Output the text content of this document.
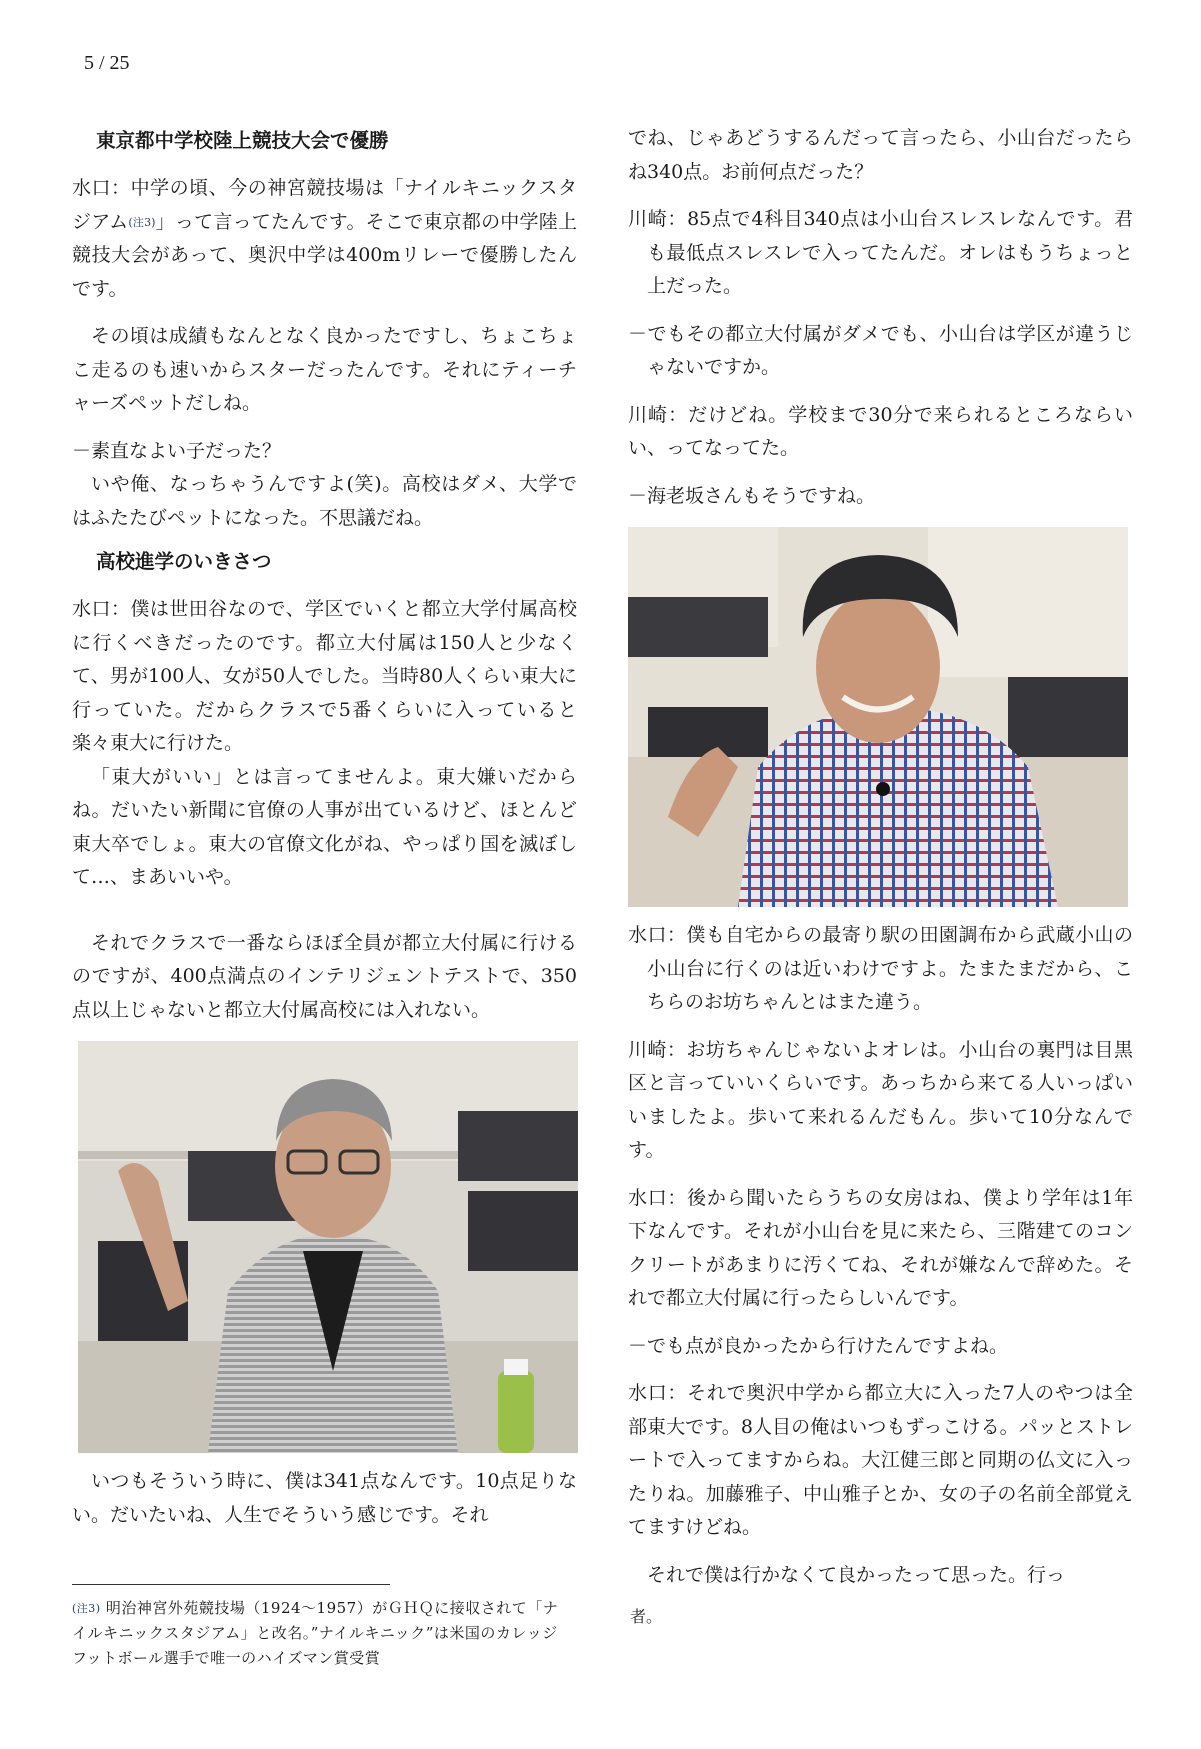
5 / 25
東京都中学校陸上競技大会で優勝

水口：中学の頃、今の神宮競技場は「ナイルキニックスタジアム$^{(注3)}$」って言ってたんです。そこで東京都の中学陸上競技大会があって、奥沢中学は400mリレーで優勝したんです。

その頃は成績もなんとなく良かったですし、ちょこちょこ走るのも速いからスターだったんです。それにティーチャーズペットだしね。

－素直なよい子だった？

いや俺、なっちゃうんですよ(笑)。高校はダメ、大学ではふたたびペットになった。不思議だね。

高校進学のいきさつ

水口：僕は世田谷なので、学区でいくと都立大学付属高校に行くべきだったのです。都立大付属は150人と少なくて、男が100人、女が50人でした。当時80人くらい東大に行っていた。だからクラスで5番くらいに入っていると楽々東大に行けた。

「東大がいい」とは言ってませんよ。東大嫌いだからね。だいたい新聞に官僚の人事が出ているけど、ほとんど東大卒でしょ。東大の官僚文化がね、やっぱり国を滅ぼして…、まあいいや。

それでクラスで一番ならほぼ全員が都立大付属に行けるのですが、400点満点のインテリジェントテストで、350点以上じゃないと都立大付属高校には入れない。

いつもそういう時に、僕は341点なんです。10点足りない。だいたいね、人生でそういう感じです。それ

でね、じゃあどうするんだって言ったら、小山台だったらね340点。お前何点だった？

川崎：85点で4科目340点は小山台スレスレなんです。君も最低点スレスレで入ってたんだ。オレはもうちょっと上だった。

－でもその都立大付属がダメでも、小山台は学区が違うじゃないですか。

川崎：だけどね。学校まで30分で来られるところならいい、ってなってた。

－海老坂さんもそうですね。

水口：僕も自宅からの最寄り駅の田園調布から武蔵小山の小山台に行くのは近いわけですよ。たまたまだから、こちらのお坊ちゃんとはまた違う。

川崎：お坊ちゃんじゃないよオレは。小山台の裏門は目黒区と言っていいくらいです。あっちから来てる人いっぱいいましたよ。歩いて来れるんだもん。歩いて10分なんです。

水口：後から聞いたらうちの女房はね、僕より学年は1年下なんです。それが小山台を見に来たら、三階建てのコンクリートがあまりに汚くてね、それが嫌なんで辞めた。それで都立大付属に行ったらしいんです。

－でも点が良かったから行けたんですよね。

水口：それで奥沢中学から都立大に入った7人のやつは全部東大です。8人目の俺はいつもずっこける。パッとストレートで入ってますからね。大江健三郎と同期の仏文に入ったりね。加藤雅子、中山雅子とか、女の子の名前全部覚えてますけどね。

それで僕は行かなくて良かったって思った。行っ

$^{(注3)}$ 明治神宮外苑競技場（1924～1957）がＧＨＱに接収されて「ナイルキニックスタジアム」と改名。”ナイルキニック”は米国のカレッジフットボール選手で唯一のハイズマン賞受賞
者。
